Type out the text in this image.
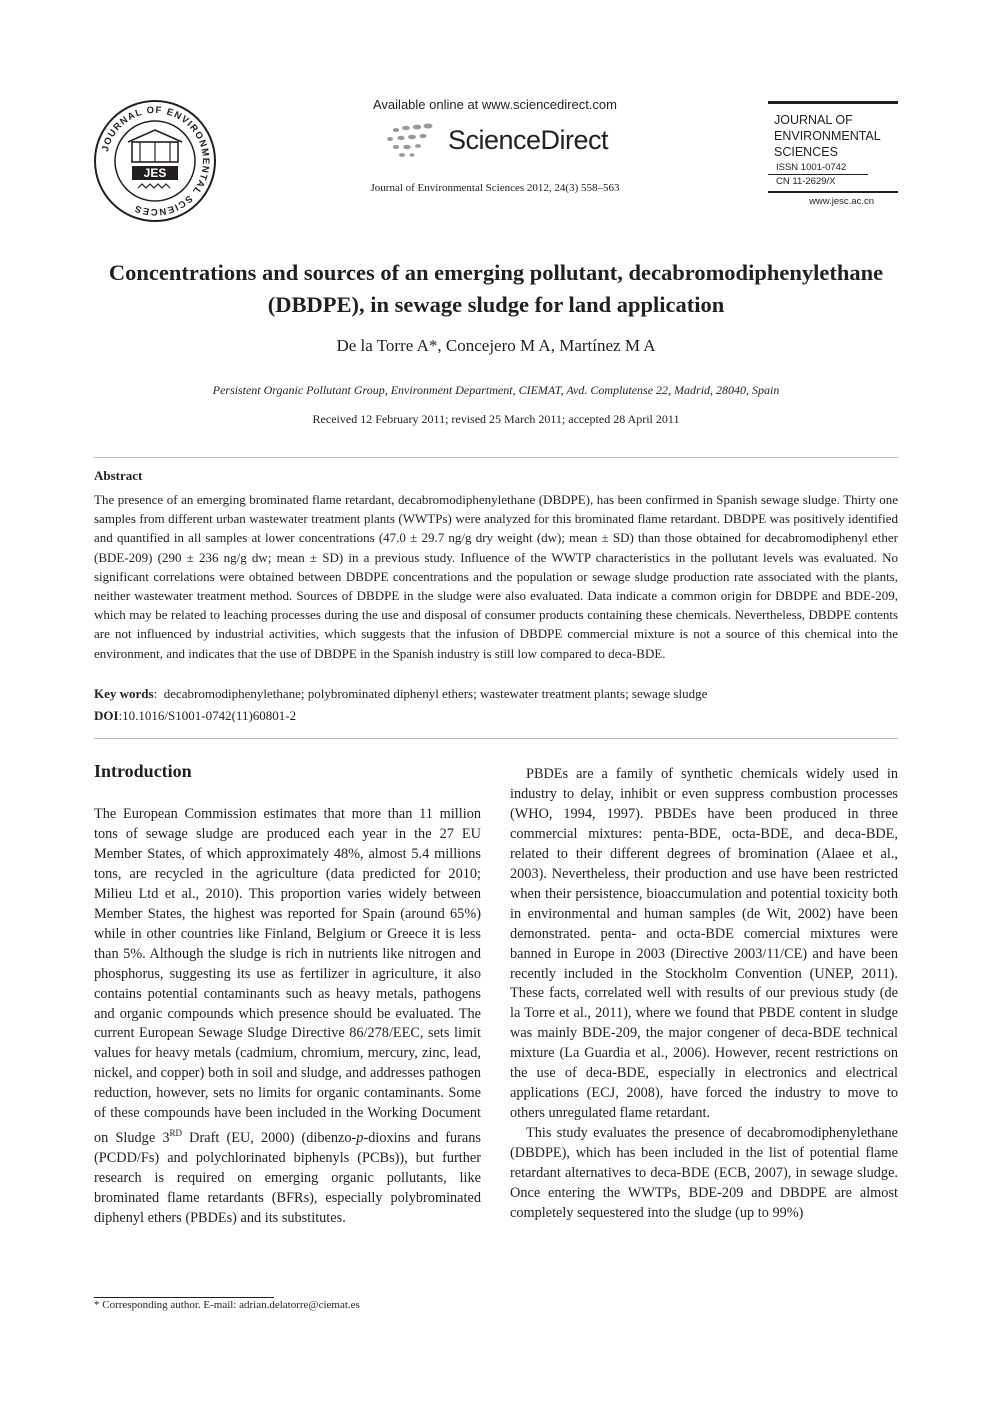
JOURNAL OF ENVIRONMENTAL SCIENCES
JES
Available online at www.sciencedirect.com
ScienceDirect
Journal of Environmental Sciences 2012, 24(3) 558–563
JOURNAL OF
ENVIRONMENTAL
SCIENCES
ISSN 1001-0742
CN 11-2629/X
www.jesc.ac.cn
Concentrations and sources of an emerging pollutant, decabromodiphenylethane (DBDPE), in sewage sludge for land application
De la Torre A*, Concejero M A, Martínez M A
Persistent Organic Pollutant Group, Environment Department, CIEMAT, Avd. Complutense 22, Madrid, 28040, Spain
Received 12 February 2011; revised 25 March 2011; accepted 28 April 2011
Abstract
The presence of an emerging brominated flame retardant, decabromodiphenylethane (DBDPE), has been confirmed in Spanish sewage sludge. Thirty one samples from different urban wastewater treatment plants (WWTPs) were analyzed for this brominated flame retardant. DBDPE was positively identified and quantified in all samples at lower concentrations (47.0 ± 29.7 ng/g dry weight (dw); mean ± SD) than those obtained for decabromodiphenyl ether (BDE-209) (290 ± 236 ng/g dw; mean ± SD) in a previous study. Influence of the WWTP characteristics in the pollutant levels was evaluated. No significant correlations were obtained between DBDPE concentrations and the population or sewage sludge production rate associated with the plants, neither wastewater treatment method. Sources of DBDPE in the sludge were also evaluated. Data indicate a common origin for DBDPE and BDE-209, which may be related to leaching processes during the use and disposal of consumer products containing these chemicals. Nevertheless, DBDPE contents are not influenced by industrial activities, which suggests that the infusion of DBDPE commercial mixture is not a source of this chemical into the environment, and indicates that the use of DBDPE in the Spanish industry is still low compared to deca-BDE.
Key words:  decabromodiphenylethane; polybrominated diphenyl ethers; wastewater treatment plants; sewage sludge
DOI:10.1016/S1001-0742(11)60801-2
Introduction

The European Commission estimates that more than 11 million tons of sewage sludge are produced each year in the 27 EU Member States, of which approximately 48%, almost 5.4 millions tons, are recycled in the agriculture (data predicted for 2010; Milieu Ltd et al., 2010). This proportion varies widely between Member States, the highest was reported for Spain (around 65%) while in other countries like Finland, Belgium or Greece it is less than 5%. Although the sludge is rich in nutrients like nitrogen and phosphorus, suggesting its use as fertilizer in agriculture, it also contains potential contaminants such as heavy metals, pathogens and organic compounds which presence should be evaluated. The current European Sewage Sludge Directive 86/278/EEC, sets limit values for heavy metals (cadmium, chromium, mercury, zinc, lead, nickel, and copper) both in soil and sludge, and addresses pathogen reduction, however, sets no limits for organic contaminants. Some of these compounds have been included in the Working Document on Sludge 3RD Draft (EU, 2000) (dibenzo-p-dioxins and furans (PCDD/Fs) and polychlorinated biphenyls (PCBs)), but further research is required on emerging organic pollutants, like brominated flame retardants (BFRs), especially polybrominated diphenyl ethers (PBDEs) and its substitutes.

PBDEs are a family of synthetic chemicals widely used in industry to delay, inhibit or even suppress combustion processes (WHO, 1994, 1997). PBDEs have been produced in three commercial mixtures: penta-BDE, octa-BDE, and deca-BDE, related to their different degrees of bromination (Alaee et al., 2003). Nevertheless, their production and use have been restricted when their persistence, bioaccumulation and potential toxicity both in environmental and human samples (de Wit, 2002) have been demonstrated. penta- and octa-BDE comercial mixtures were banned in Europe in 2003 (Directive 2003/11/CE) and have been recently included in the Stockholm Convention (UNEP, 2011). These facts, correlated well with results of our previous study (de la Torre et al., 2011), where we found that PBDE content in sludge was mainly BDE-209, the major congener of deca-BDE technical mixture (La Guardia et al., 2006). However, recent restrictions on the use of deca-BDE, especially in electronics and electrical applications (ECJ, 2008), have forced the industry to move to others unregulated flame retardant.

This study evaluates the presence of decabromodiphenylethane (DBDPE), which has been included in the list of potential flame retardant alternatives to deca-BDE (ECB, 2007), in sewage sludge. Once entering the WWTPs, BDE-209 and DBDPE are almost completely sequestered into the sludge (up to 99%)

* Corresponding author. E-mail: adrian.delatorre@ciemat.es
